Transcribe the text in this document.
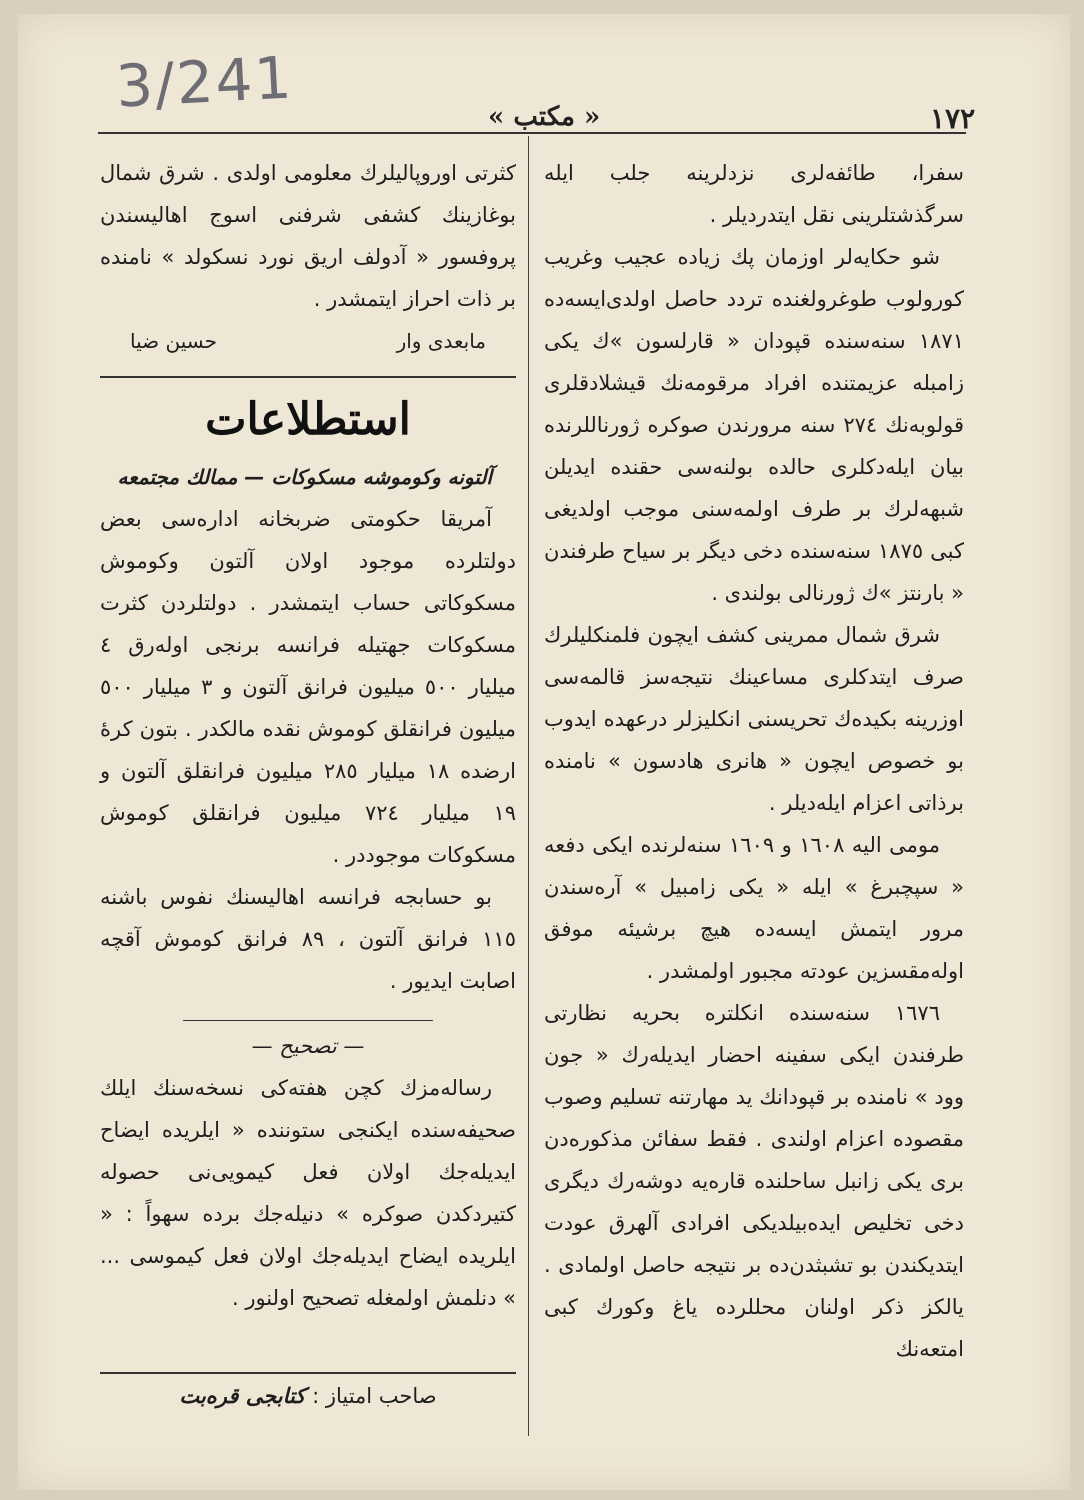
3/241	« مکتب »	١٧٢

سفرا، طائفه‌لری نزدلرینه جلب ایله سرگذشتلرینی نقل ایتدردیلر .

شو حکایه‌لر اوزمان پك زیاده عجیب وغریب کورولوب طوغرولغنده تردد حاصل اولدی‌ایسه‌ده ١٨٧١ سنه‌سنده قپودان « قارلسون »‌ك یکی زامبله عزیمتنده افراد مرقومه‌نك قیشلادقلری قولوبه‌نك ٢٧٤ سنه مرورندن صوكره ژورناللرنده بیان ایله‌دکلری حالده بولنه‌سی حقنده ایدیلن شبهه‌لرك بر طرف اولمه‌سنی موجب اولدیغی کبی ١٨٧٥ سنه‌سنده دخی دیگر بر سیاح طرفندن « بارنتز »‌ك ژورنالی بولندی .

شرق شمال ممرینی کشف ایچون فلمنکلیلرك صرف ایتدکلری مساعینك نتیجه‌سز قالمه‌سی اوزرینه بکیده‌ك تحریسنی انکلیزلر درعهده ایدوب بو خصوص ایچون « هانری هادسون » نامنده برذاتی اعزام ایله‌دیلر .

مومی الیه ١٦٠٨ و ١٦٠٩ سنه‌لرنده ایکی دفعه « سپچبرغ » ایله « یکی زامبیل » آره‌سندن مرور ایتمش ایسه‌ده هیچ برشیئه موفق اوله‌مقسزین عودته مجبور اولمشدر .

١٦٧٦ سنه‌سنده انکلتره بحریه نظارتی طرفندن ایکی سفینه احضار ایدیله‌رك « جون وود » نامنده بر قپودانك ید مهارتنه تسلیم وصوب مقصوده اعزام اولندی . فقط سفائن مذکوره‌دن بری یکی زانبل ساحلنده قاره‌یه دوشه‌رك دیگری دخی تخلیص ایده‌بیلدیکی افرادی آلهرق عودت ایتدیکندن بو تشبثدن‌ده بر نتیجه حاصل اولمادی . یالکز ذکر اولنان محللرده یاغ وکورك کبی امتعه‌نك

کثرتی اوروپالیلرك معلومی اولدی . شرق شمال بوغازینك کشفی شرفنی اسوج اهالیسندن پروفسور « آدولف اریق نورد نسکولد » نامنده بر ذات احراز ایتمشدر .

مابعدی وار
حسین ضیا
استطلاعات

آلتونه وکوموشه مسکوکات — ممالك مجتمعه

آمریقا حکومتی ضربخانه اداره‌سی بعض دولتلرده موجود اولان آلتون وکوموش مسکوکاتی حساب ایتمشدر . دولتلردن کثرت مسکوکات جهتیله فرانسه برنجی اوله‌رق ٤ میلیار ٥٠٠ میلیون فرانق آلتون و ٣ میلیار ٥٠٠ میلیون فرانقلق کوموش نقده مالکدر . بتون کرهٔ ارضده ١٨ میلیار ٢٨٥ میلیون فرانقلق آلتون و ١٩ میلیار ٧٢٤ میلیون فرانقلق کوموش مسکوکات موجوددر .

بو حسابجه فرانسه اهالیسنك نفوس باشنه ١١٥ فرانق آلتون ، ٨٩ فرانق کوموش آقچه اصابت ایدیور .

— تصحیح —

رساله‌مزك کچن هفته‌کی نسخه‌سنك ایلك صحیفه‌سنده ایکنجی ستوننده « ایلریده ایضاح ایدیله‌جك اولان فعل کیمویی‌نی حصوله کتیردکدن صوکره » دنیله‌جك برده سهواً : « ایلریده ایضاح ایدیله‌جك اولان فعل کیموسی ... » دنلمش اولمغله تصحیح اولنور .

صاحب امتیاز : کتابجی قره‌بت
